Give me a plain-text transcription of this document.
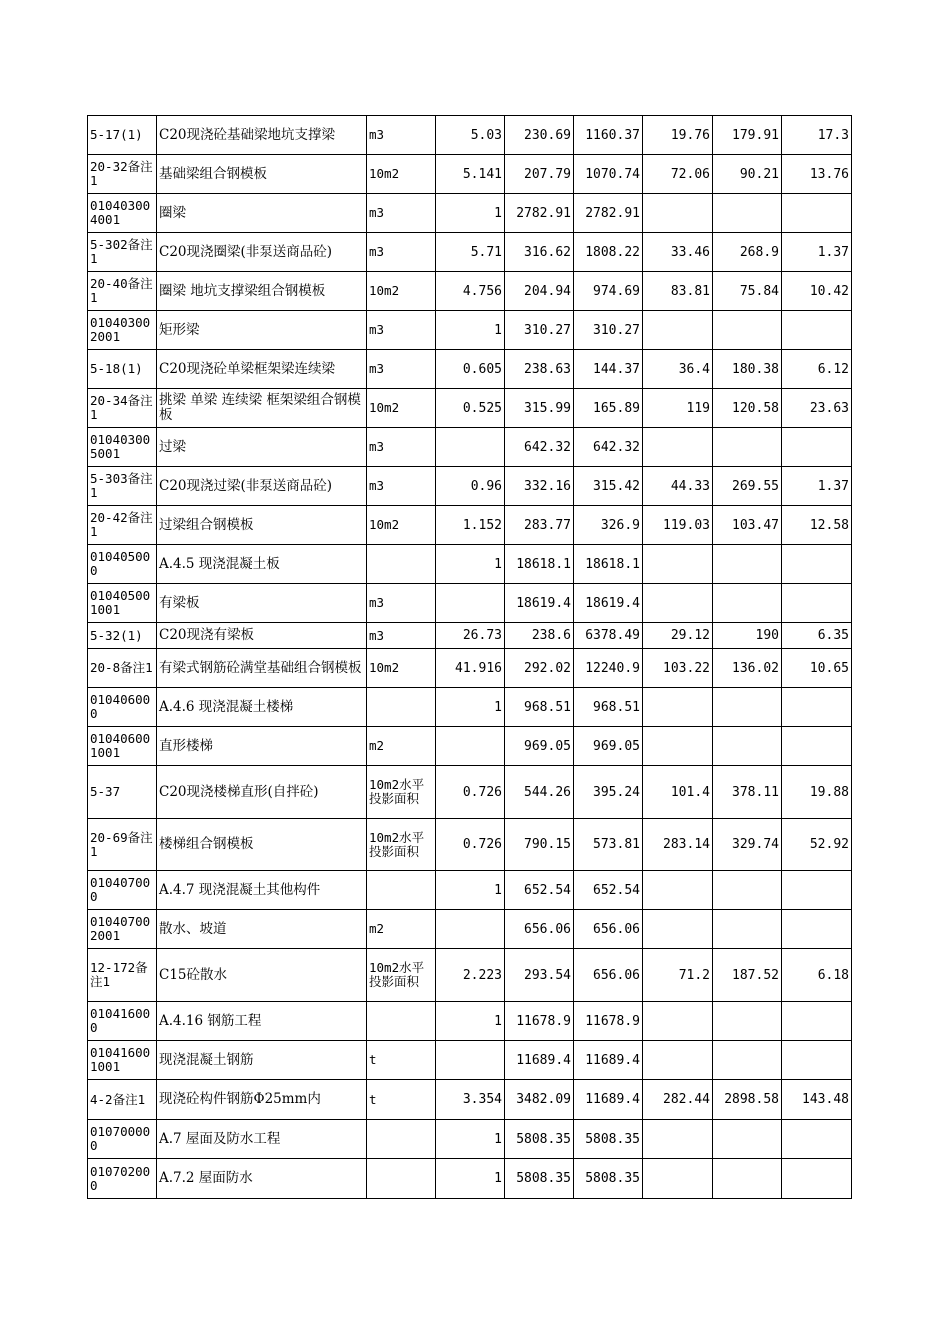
5-17(1)	C20现浇砼基础梁地坑支撑梁	m3	5.03	230.69	1160.37	19.76	179.91	17.3
20-32备注1	基础梁组合钢模板	10m2	5.141	207.79	1070.74	72.06	90.21	13.76
010403004001	圈梁	m3	1	2782.91	2782.91			
5-302备注1	C20现浇圈梁(非泵送商品砼)	m3	5.71	316.62	1808.22	33.46	268.9	1.37
20-40备注1	圈梁 地坑支撑梁组合钢模板	10m2	4.756	204.94	974.69	83.81	75.84	10.42
010403002001	矩形梁	m3	1	310.27	310.27			
5-18(1)	C20现浇砼单梁框架梁连续梁	m3	0.605	238.63	144.37	36.4	180.38	6.12
20-34备注1	挑梁 单梁 连续梁 框架梁组合钢模板	10m2	0.525	315.99	165.89	119	120.58	23.63
010403005001	过梁	m3		642.32	642.32			
5-303备注1	C20现浇过梁(非泵送商品砼)	m3	0.96	332.16	315.42	44.33	269.55	1.37
20-42备注1	过梁组合钢模板	10m2	1.152	283.77	326.9	119.03	103.47	12.58
010405000	A.4.5 现浇混凝土板		1	18618.1	18618.1			
010405001001	有梁板	m3		18619.4	18619.4			
5-32(1)	C20现浇有梁板	m3	26.73	238.6	6378.49	29.12	190	6.35
20-8备注1	有梁式钢筋砼满堂基础组合钢模板	10m2	41.916	292.02	12240.9	103.22	136.02	10.65
010406000	A.4.6 现浇混凝土楼梯		1	968.51	968.51			
010406001001	直形楼梯	m2		969.05	969.05			
5-37	C20现浇楼梯直形(自拌砼)	10m2水平投影面积	0.726	544.26	395.24	101.4	378.11	19.88
20-69备注1	楼梯组合钢模板	10m2水平投影面积	0.726	790.15	573.81	283.14	329.74	52.92
010407000	A.4.7 现浇混凝土其他构件		1	652.54	652.54			
010407002001	散水、坡道	m2		656.06	656.06			
12-172备注1	C15砼散水	10m2水平投影面积	2.223	293.54	656.06	71.2	187.52	6.18
010416000	A.4.16 钢筋工程		1	11678.9	11678.9			
010416001001	现浇混凝土钢筋	t		11689.4	11689.4			
4-2备注1	现浇砼构件钢筋Φ25mm内	t	3.354	3482.09	11689.4	282.44	2898.58	143.48
010700000	A.7 屋面及防水工程		1	5808.35	5808.35			
010702000	A.7.2 屋面防水		1	5808.35	5808.35			
